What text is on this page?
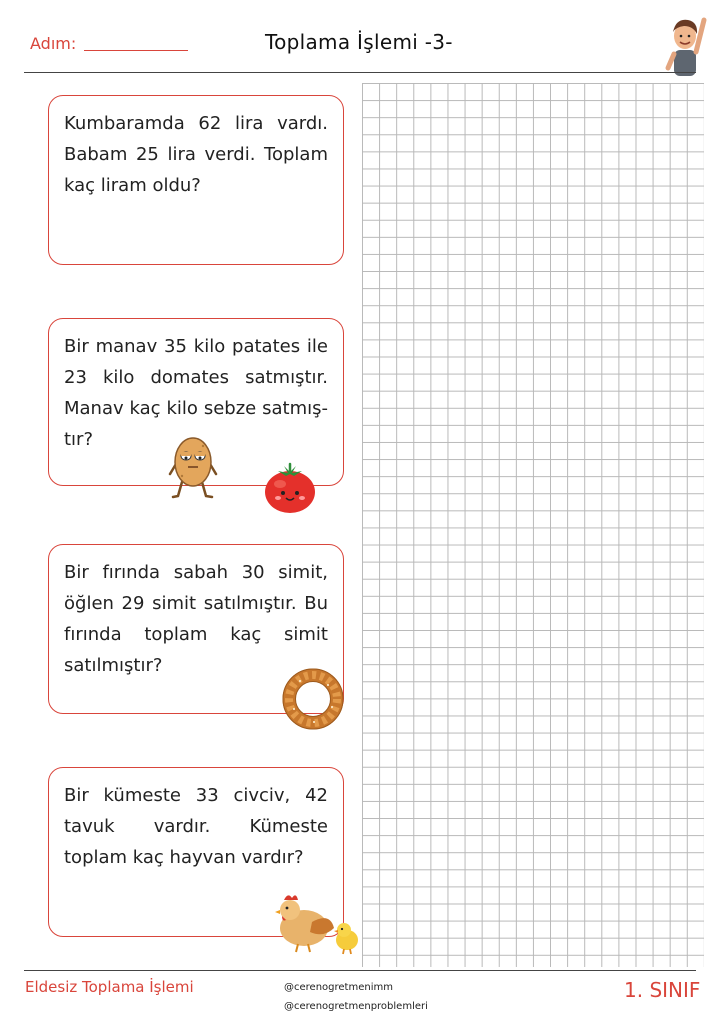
Adım:	Toplama İşlemi -3-
Kumbaramda 62 lira vardı. Babam 25 lira verdi. Toplam kaç liram oldu?
Bir manav 35 kilo patates ile 23 kilo domates satmıştır. Manav kaç kilo sebze satmış-tır?
Bir fırında sabah 30 simit, öğlen 29 simit satılmıştır. Bu fırında toplam kaç simit satılmıştır?
Bir kümeste 33 civciv, 42 tavuk vardır. Kümeste toplam kaç hayvan vardır?
Eldesiz Toplama İşlemi	@cerenogretmenimm
@cerenogretmenproblemleri
1. SINIF
